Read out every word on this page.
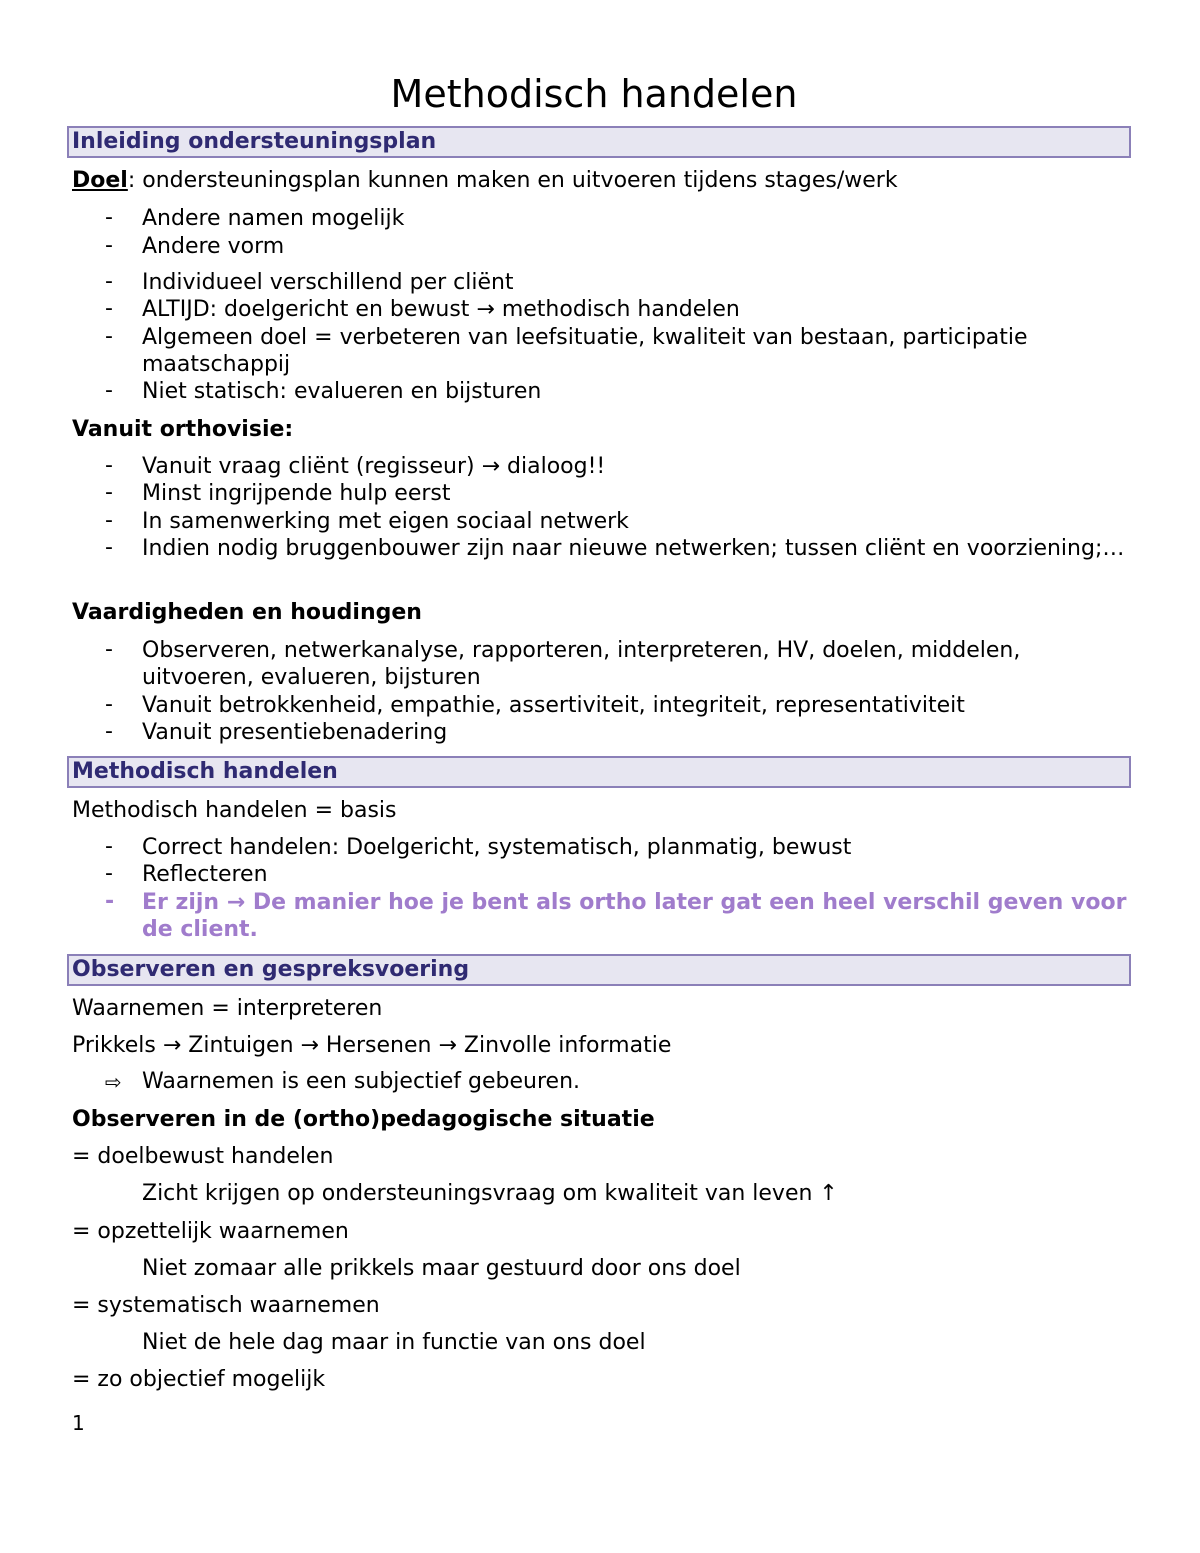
Methodisch handelen
Inleiding ondersteuningsplan
Doel: ondersteuningsplan kunnen maken en uitvoeren tijdens stages/werk
- Andere namen mogelijk
- Andere vorm
- Individueel verschillend per cliënt
- ALTIJD: doelgericht en bewust → methodisch handelen
- Algemeen doel = verbeteren van leefsituatie, kwaliteit van bestaan, participatie maatschappij
- Niet statisch: evalueren en bijsturen
Vanuit orthovisie:
- Vanuit vraag cliënt (regisseur) → dialoog!!
- Minst ingrijpende hulp eerst
- In samenwerking met eigen sociaal netwerk
- Indien nodig bruggenbouwer zijn naar nieuwe netwerken; tussen cliënt en voorziening;…
Vaardigheden en houdingen
- Observeren, netwerkanalyse, rapporteren, interpreteren, HV, doelen, middelen, uitvoeren, evalueren, bijsturen
- Vanuit betrokkenheid, empathie, assertiviteit, integriteit, representativiteit
- Vanuit presentiebenadering
Methodisch handelen
Methodisch handelen = basis
- Correct handelen: Doelgericht, systematisch, planmatig, bewust
- Reflecteren
- Er zijn → De manier hoe je bent als ortho later gat een heel verschil geven voor de client.
Observeren en gespreksvoering
Waarnemen = interpreteren
Prikkels → Zintuigen → Hersenen → Zinvolle informatie
⇨ Waarnemen is een subjectief gebeuren.
Observeren in de (ortho)pedagogische situatie
= doelbewust handelen
Zicht krijgen op ondersteuningsvraag om kwaliteit van leven ↑
= opzettelijk waarnemen
Niet zomaar alle prikkels maar gestuurd door ons doel
= systematisch waarnemen
Niet de hele dag maar in functie van ons doel
= zo objectief mogelijk
1
